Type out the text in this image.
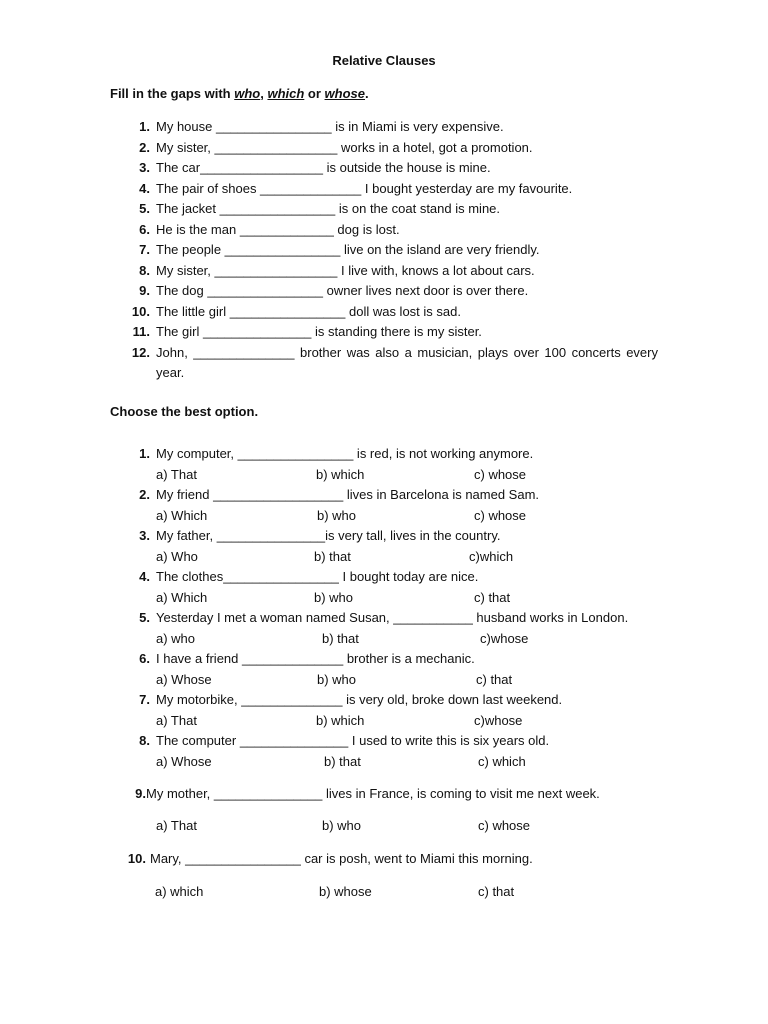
Relative Clauses
Fill in the gaps with who, which or whose.
1. My house ________________ is in Miami is very expensive.
2. My sister, _________________ works in a hotel, got a promotion.
3. The car_________________ is outside the house is mine.
4. The pair of shoes ______________ I bought yesterday are my favourite.
5. The jacket ________________ is on the coat stand is mine.
6. He is the man _____________ dog is lost.
7. The people ________________ live on the island are very friendly.
8. My sister, _________________ I live with, knows a lot about cars.
9. The dog ________________ owner lives next door is over there.
10. The little girl ________________ doll was lost is sad.
11. The girl _______________ is standing there is my sister.
12. John, ______________ brother was also a musician, plays over 100 concerts every year.
Choose the best option.
1. My computer, ________________ is red, is not working anymore.
a) That	b) which	c) whose
2. My friend __________________ lives in Barcelona is named Sam.
a) Which	b) who	c) whose
3. My father, _______________is very tall, lives in the country.
a) Who	b) that	c)which
4. The clothes________________ I bought today are nice.
a) Which	b) who	c) that
5. Yesterday I met a woman named Susan, ___________ husband works in London.
a) who	b) that	c)whose
6. I have a friend ______________ brother is a mechanic.
a) Whose	b) who	c) that
7. My motorbike, ______________ is very old, broke down last weekend.
a) That	b) which	c)whose
8. The computer _______________ I used to write this is six years old.
a) Whose	b) that	c) which
9. My mother, _______________ lives in France, is coming to visit me next week.
a) That	b) who	c) whose
10. Mary, ________________ car is posh, went to Miami this morning.
a) which	b) whose	c) that
